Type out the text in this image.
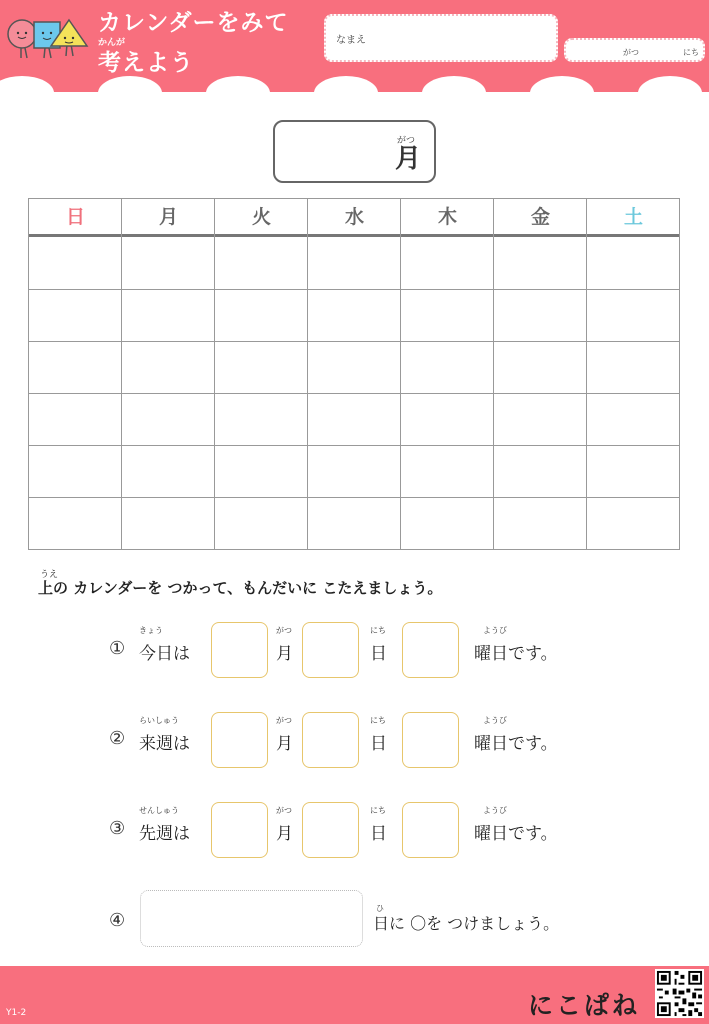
カレンダーをみて
かんが
考えよう
なまえ
がつ	にち
がつ
月
日	月	火	水	木	金	土
うえ
上の カレンダーを つかって、もんだいに こたえましょう。
①
きょう
今日は
がつ
月
にち
日
ようび
曜日です。
②
らいしゅう
来週は
がつ
月
にち
日
ようび
曜日です。
③
せんしゅう
先週は
がつ
月
にち
日
ようび
曜日です。
④
ひ
日に 〇を つけましょう。
Y1-2	にこぱね
